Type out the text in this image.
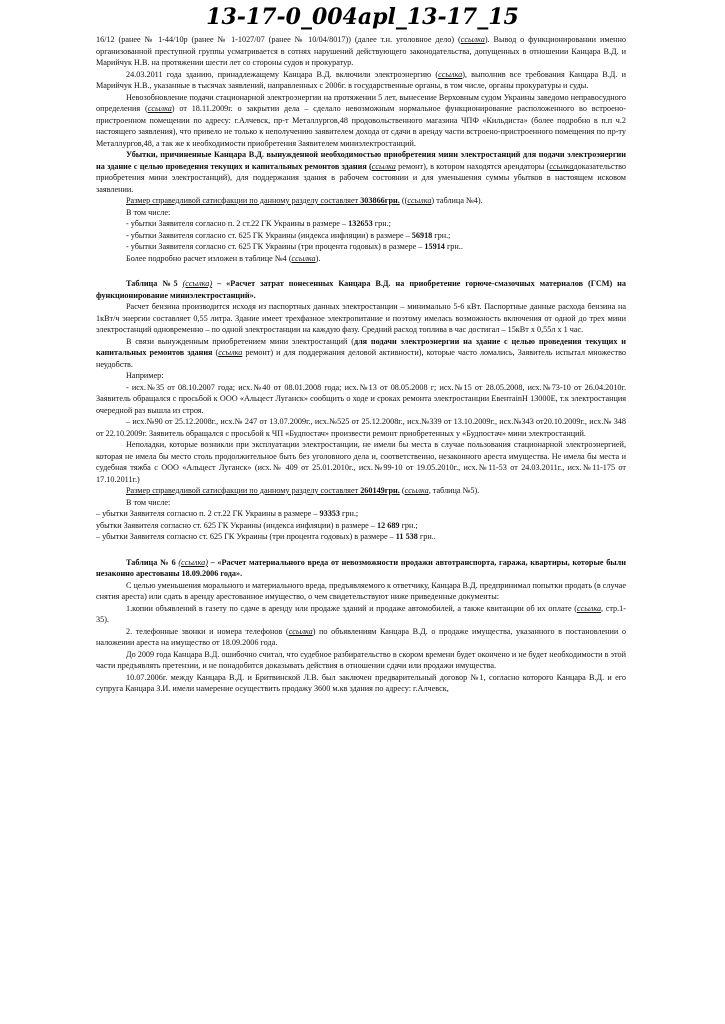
13-17-0_004apl_13-17_15

16/12 (ранее № 1-44/10р (ранее № 1-1027/07 (ранее № 10/04/8017)) (далее т.н. уголовное дело) (ссылка). Вывод о функционировании именно организованной преступной группы усматривается в сотнях нарушений действующего законодательства, допущенных в отношении Канцара В.Д. и Марийчук Н.В. на протяжении шести лет со стороны судов и прокуратур.

24.03.2011 года зданию, принадлежащему Канцара В.Д. включили электроэнергию (ссылка), выполнив все требования Канцара В.Д. и Марийчук Н.В., указанные в тысячах заявлений, направленных с 2006г. в государственные органы, в том числе, органы прокуратуры и суды.

Невозобновление подачи стационарной электроэнергии на протяжении 5 лет, вынесение Верховным судом Украины заведомо неправосудного определения (ссылка) от 18.11.2009г. о закрытии дела – сделало невозможным нормальное функционирование расположенного во встроено-пристроенном помещении по адресу: г.Алчевск, пр-т Металлургов,48 продовольственного магазина ЧПФ «Кильдиста» (более подробно в п.п ч.2 настоящего заявления), что привело не только к неполучению заявителем дохода от сдачи в аренду части встроено-пристроенного помещения по пр-ту Металлургов,48, а так же к необходимости приобретения Заявителем миниэлектростанций.

Убытки, причиненные Канцара В.Д. вынужденной необходимостью приобретения мини электростанций для подачи электроэнергии на здание с целью проведения текущих и капитальных ремонтов здания (ссылка ремонт), в котором находятся арендаторы (ссылкадоказательство приобретения мини электростанций), для поддержания здания в рабочем состоянии и для уменьшения суммы убытков в настоящем исковом заявлении.

Размер справедливой сатисфакции по данному разделу составляет 303866грн. ((ссылка) таблица №4).

В том числе:

- убытки Заявителя согласно п. 2 ст.22 ГК Украины в размере – 132653 грн.;

- убытки Заявителя согласно ст. 625 ГК Украины (индекса инфляции) в размере – 56918 грн.;

- убытки Заявителя согласно ст. 625 ГК Украины (три процента годовых) в размере – 15914 грн..

Более подробно расчет изложен в таблице №4 (ссылка).

Таблица №5 (ссылка) – «Расчет затрат понесенных Канцара В.Д. на приобретение горюче-смазочных материалов (ГСМ) на функционирование миниэлектростанций».

Расчет бензина производится исходя из паспортных данных электростанции – минимально 5-6 кВт. Паспортные данные расхода бензина на 1кВт/ч энергии составляет 0,55 литра. Здание имеет трехфазное электропитание и поэтому имелась возможность включения от одной до трех мини электростанций одновременно – по одной электростанции на каждую фазу. Средний расход топлива в час достигал – 15кВт х 0,55л х 1 час.

В связи вынужденным приобретением мини электростанций (для подачи электроэнергии на здание с целью проведения текущих и капитальных ремонтов здания (ссылка ремонт) и для поддержания деловой активности), которые часто ломались, Заявитель испытал множество неудобств.

Например:

- исх.№35 от 08.10.2007 года; исх.№40 от 08.01.2008 года; исх.№13 от 08.05.2008 г; исх.№15 от 28.05.2008, исх.№73-10 от 26.04.2010г. Заявитель обращался с просьбой к ООО «Альцест Луганск» сообщить о ходе и сроках ремонта электростанции ЕвентаinН 13000Е, т.к электростанция очередной раз вышла из строя.

– исх.№90 от 25.12.2008г., исх.№ 247 от 13.07.2009г., исх.№525 от 25.12.2008г., исх.№339 от 13.10.2009г., исх.№343 от20.10.2009г., исх.№ 348 от 22.10.2009г. Заявитель обращался с просьбой к ЧП «Будпостач» произвести ремонт приобретенных у «Будпостач» мини электростанций.

Неполадки, которые возникли при эксплуатации электростанции, не имели бы места в случае пользования стационарной электроэнергией, которая не имела бы место столь продолжительное быть без уголовного дела и, соответственно, незаконного ареста имущества. Не имела бы места и судебная тяжба с ООО «Альцест Луганск» (исх.№ 409 от 25.01.2010г., исх.№99-10 от 19.05.2010г., исх.№11-53 от 24.03.2011г., исх.№11-175 от 17.10.2011г.)

Размер справедливой сатисфакции по данному разделу составляет 260149грн. (ссылка, таблица №5).

В том числе:

– убытки Заявителя согласно п. 2 ст.22 ГК Украины в размере – 93353 грн.;

убытки Заявителя согласно ст. 625 ГК Украины (индекса инфляции) в размере – 12 689 грн.;

– убытки Заявителя согласно ст. 625 ГК Украины (три процента годовых) в размере – 11 538 грн..

Таблица № 6 (ссылка) – «Расчет материального вреда от невозможности продажи автотранспорта, гаража, квартиры, которые были незаконно арестованы 18.09.2006 года».

С целью уменьшения морального и материального вреда, предъявляемого к ответчику, Канцара В.Д. предпринимал попытки продать (в случае снятия ареста) или сдать в аренду арестованное имущество, о чем свидетельствуют ниже приведенные документы:

1.копии объявлений в газету по сдаче в аренду или продаже зданий и продаже автомобилей, а также квитанции об их оплате (ссылка, стр.1-35).

2. телефонные звонки и номера телефонов (ссылка) по объявлениям Канцара В.Д. о продаже имущества, указанного в постановлении о наложении ареста на имущество от 18.09.2006 года.

До 2009 года Канцара В.Д. ошибочно считал, что судебное разбирательство в скором времени будет окончено и не будет необходимости в этой части предъявлять претензии, и не понадобится доказывать действия в отношении сдачи или продажи имущества.

10.07.2006г. между Канцара В.Д. и Бритвинской Л.В. был заключен предварительный договор №1, согласно которого Канцара В.Д. и его супруга Канцара З.И. имели намерение осуществить продажу 3600 м.кв здания по адресу: г.Алчевск,
